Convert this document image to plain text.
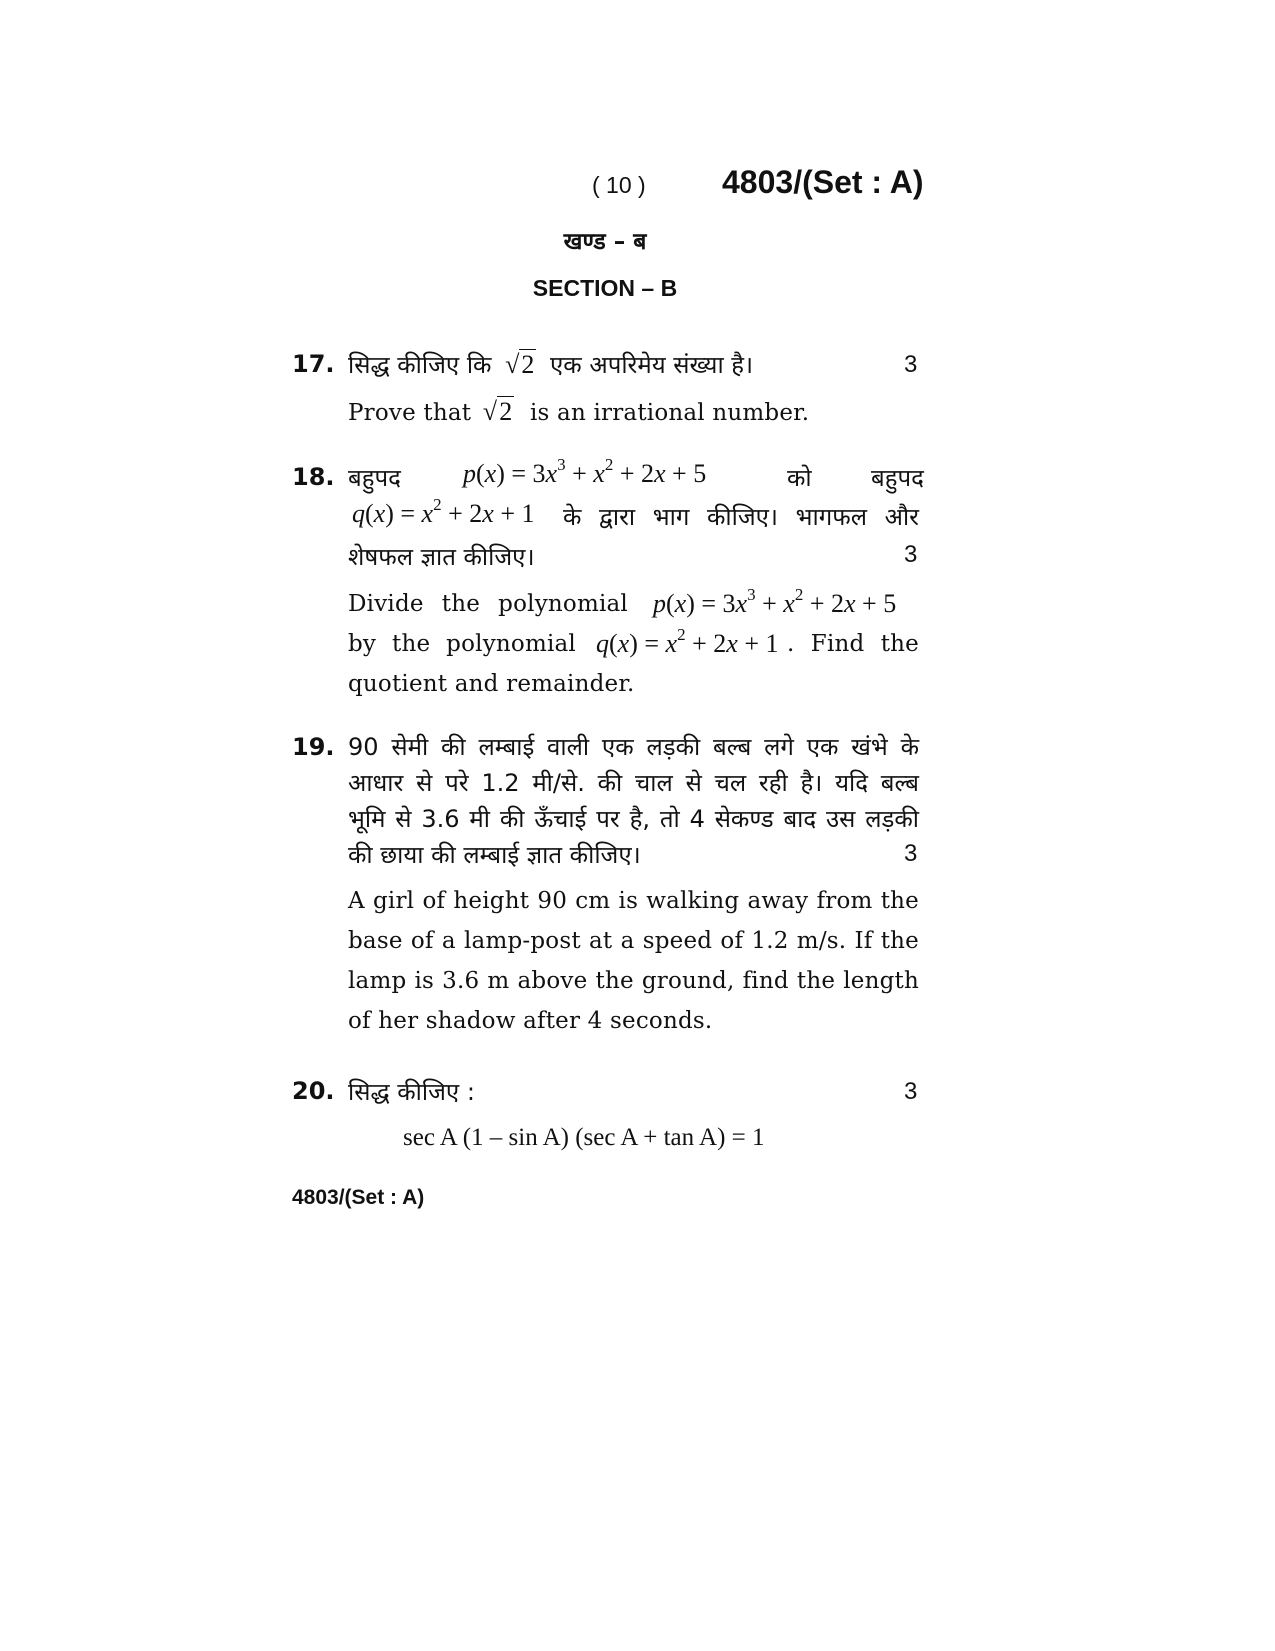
( 10 ) 4803/(Set : A)
खण्ड – ब
SECTION – B
17. सिद्ध कीजिए कि √2 एक अपरिमेय संख्या है।	3
Prove that √2 is an irrational number.
18. बहुपद $p(x) = 3x^3 + x^2 + 2x + 5$	को बहुपद
$q(x) = x^2 + 2x + 1$ के द्वारा भाग कीजिए। भागफल और
शेषफल ज्ञात कीजिए।	3
Divide the polynomial $p(x) = 3x^3 + x^2 + 2x + 5$
by the polynomial $q(x) = x^2 + 2x + 1$ . Find the
quotient and remainder.
19. 90 सेमी की लम्बाई वाली एक लड़की बल्ब लगे एक खंभे के
आधार से परे 1.2 मी/से. की चाल से चल रही है। यदि बल्ब
भूमि से 3.6 मी की ऊँचाई पर है, तो 4 सेकण्ड बाद उस लड़की
की छाया की लम्बाई ज्ञात कीजिए।	3
A girl of height 90 cm is walking away from the
base of a lamp-post at a speed of 1.2 m/s. If the
lamp is 3.6 m above the ground, find the length
of her shadow after 4 seconds.
20. सिद्ध कीजिए :	3
sec A (1 – sin A) (sec A + tan A) = 1
4803/(Set : A)
